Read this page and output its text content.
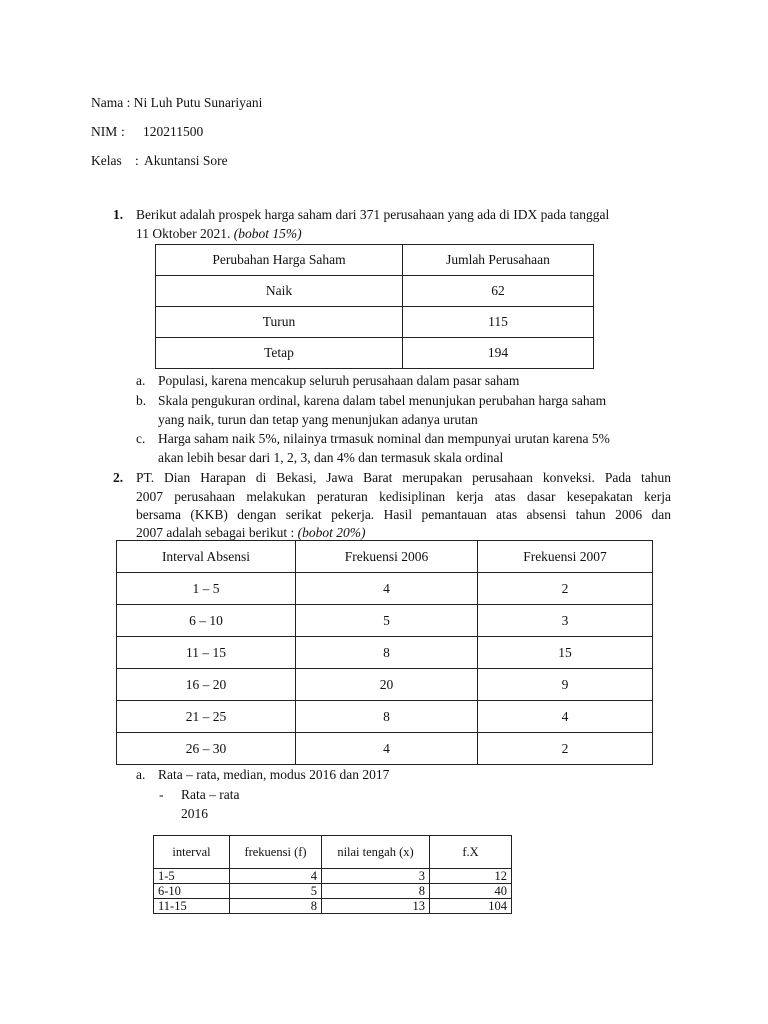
Nama : Ni Luh Putu Sunariyani
NIM : 120211500
Kelas : Akuntansi Sore
1. Berikut adalah prospek harga saham dari 371 perusahaan yang ada di IDX pada tanggal
11 Oktober 2021. (bobot 15%)
Perubahan Harga Saham	Jumlah Perusahaan
Naik	62
Turun	115
Tetap	194
a. Populasi, karena mencakup seluruh perusahaan dalam pasar saham
b. Skala pengukuran ordinal, karena dalam tabel menunjukan perubahan harga saham
yang naik, turun dan tetap yang menunjukan adanya urutan
c. Harga saham naik 5%, nilainya trmasuk nominal dan mempunyai urutan karena 5%
akan lebih besar dari 1, 2, 3, dan 4% dan termasuk skala ordinal
2. PT. Dian Harapan di Bekasi, Jawa Barat merupakan perusahaan konveksi. Pada tahun
2007 perusahaan melakukan peraturan kedisiplinan kerja atas dasar kesepakatan kerja
bersama (KKB) dengan serikat pekerja. Hasil pemantauan atas absensi tahun 2006 dan
2007 adalah sebagai berikut : (bobot 20%)
Interval Absensi	Frekuensi 2006	Frekuensi 2007
1 – 5	4	2
6 – 10	5	3
11 – 15	8	15
16 – 20	20	9
21 – 25	8	4
26 – 30	4	2
a. Rata – rata, median, modus 2016 dan 2017
- Rata – rata
2016
interval	frekuensi (f)	nilai tengah (x)	f.X
1-5	4	3	12
6-10	5	8	40
11-15	8	13	104
